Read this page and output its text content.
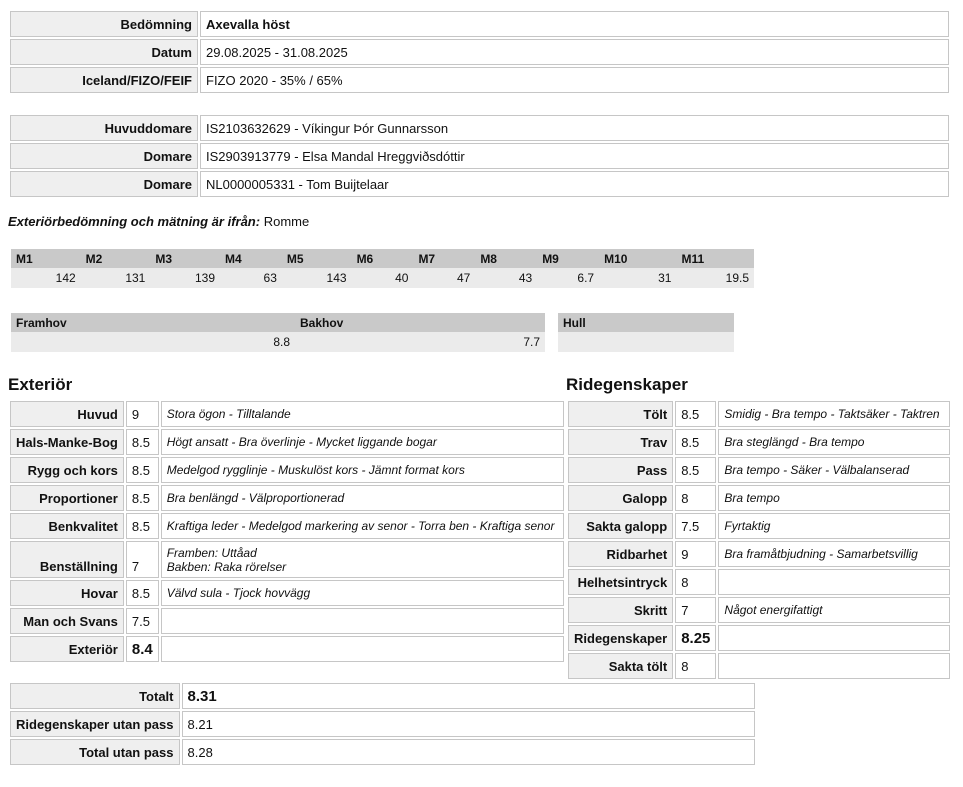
Bedömning	Axevalla höst
Datum	29.08.2025 - 31.08.2025
Iceland/FIZO/FEIF	FIZO 2020 - 35% / 65%
Huvuddomare	IS2103632629 - Víkingur Þór Gunnarsson
Domare	IS2903913779 - Elsa Mandal Hreggviðsdóttir
Domare	NL0000005331 - Tom Buijtelaar
Exteriörbedömning och mätning är ifrån: Romme
M1	M2	M3	M4	M5	M6	M7	M8	M9	M10	M11
142	131	139	63	143	40	47	43	6.7	31	19.5
Framhov	Bakhov
8.8	7.7
Hull

Exteriör
Huvud	9	Stora ögon - Tilltalande
Hals-Manke-Bog	8.5	Högt ansatt - Bra överlinje - Mycket liggande bogar
Rygg och kors	8.5	Medelgod rygglinje - Muskulöst kors - Jämnt format kors
Proportioner	8.5	Bra benlängd - Välproportionerad
Benkvalitet	8.5	Kraftiga leder - Medelgod markering av senor - Torra ben - Kraftiga senor
Benställning	7	Framben: Uttåad
Bakben: Raka rörelser

Hovar	8.5	Välvd sula - Tjock hovvägg
Man och Svans	7.5	
Exteriör	8.4	
Ridegenskaper
Tölt	8.5	Smidig - Bra tempo - Taktsäker - Taktren
Trav	8.5	Bra steglängd - Bra tempo
Pass	8.5	Bra tempo - Säker - Välbalanserad
Galopp	8	Bra tempo
Sakta galopp	7.5	Fyrtaktig
Ridbarhet	9	Bra framåtbjudning - Samarbetsvillig
Helhetsintryck	8	
Skritt	7	Något energifattigt
Ridegenskaper	8.25	
Sakta tölt	8	
Totalt	8.31
Ridegenskaper utan pass	8.21
Total utan pass	8.28
